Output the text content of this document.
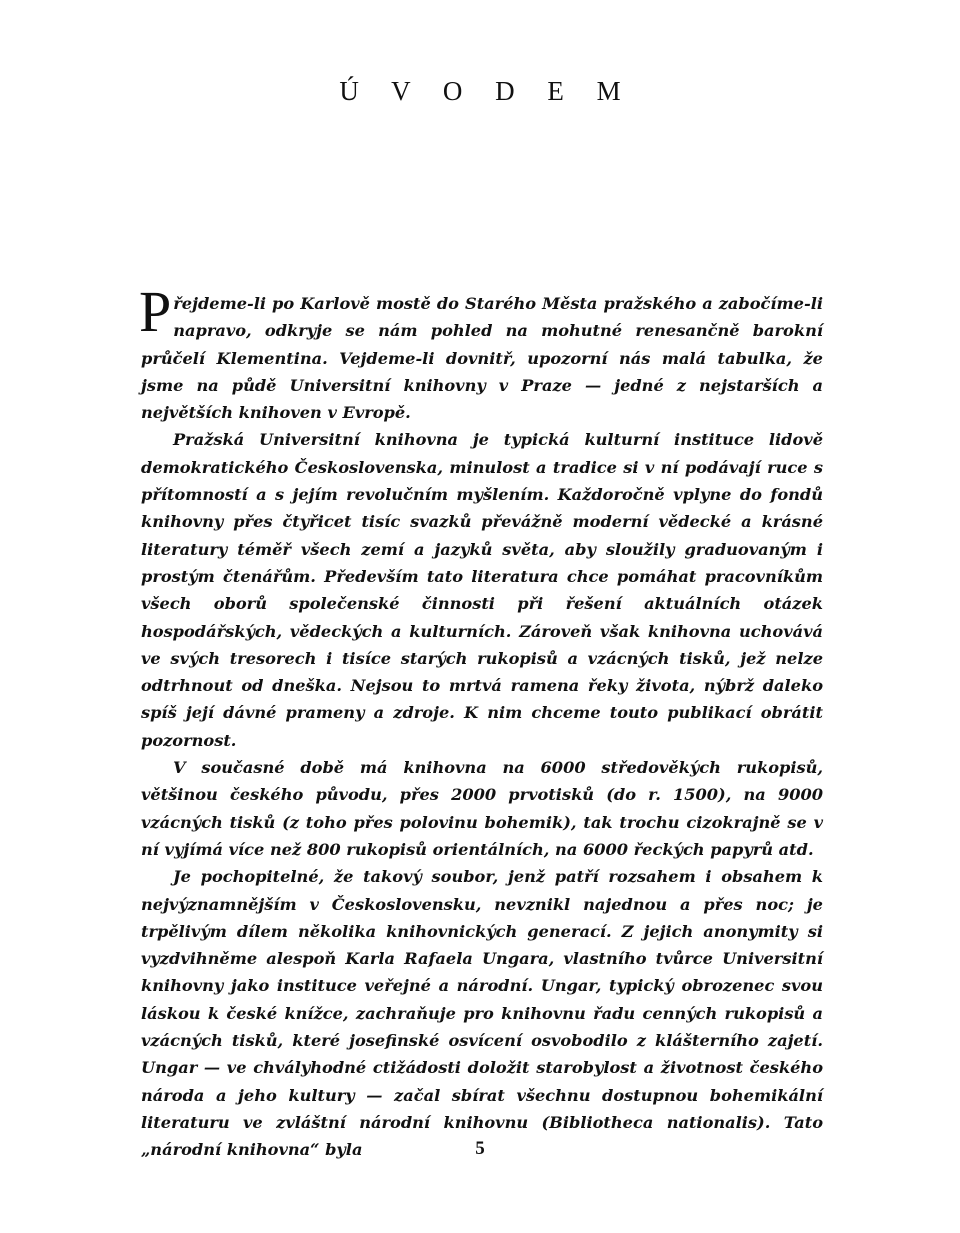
Ú V O D E M

Přejdeme-li po Karlově mostě do Starého Města pražského a zabočíme-li napravo, odkryje se nám pohled na mohutné renesančně barokní průčelí Klementina. Vejdeme-li dovnitř, upozorní nás malá tabulka, že jsme na půdě Universitní knihovny v Praze — jedné z nejstarších a největších knihoven v Evropě.

Pražská Universitní knihovna je typická kulturní instituce lidově demokratického Československa, minulost a tradice si v ní podávají ruce s přítomností a s jejím revolučním myšlením. Každoročně vplyne do fondů knihovny přes čtyřicet tisíc svazků převážně moderní vědecké a krásné literatury téměř všech zemí a jazyků světa, aby sloužily graduovaným i prostým čtenářům. Především tato literatura chce pomáhat pracovníkům všech oborů společenské činnosti při řešení aktuálních otázek hospodářských, vědeckých a kulturních. Zároveň však knihovna uchovává ve svých tresorech i tisíce starých rukopisů a vzácných tisků, jež nelze odtrhnout od dneška. Nejsou to mrtvá ramena řeky života, nýbrž daleko spíš její dávné prameny a zdroje. K nim chceme touto publikací obrátit pozornost.

V současné době má knihovna na 6000 středověkých rukopisů, většinou českého původu, přes 2000 prvotisků (do r. 1500), na 9000 vzácných tisků (z toho přes polovinu bohemik), tak trochu cizokrajně se v ní vyjímá více než 800 rukopisů orientálních, na 6000 řeckých papyrů atd.

Je pochopitelné, že takový soubor, jenž patří rozsahem i obsahem k nejvýznamnějším v Československu, nevznikl najednou a přes noc; je trpělivým dílem několika knihovnických generací. Z jejich anonymity si vyzdvihněme alespoň Karla Rafaela Ungara, vlastního tvůrce Universitní knihovny jako instituce veřejné a národní. Ungar, typický obrozenec svou láskou k české knížce, zachraňuje pro knihovnu řadu cenných rukopisů a vzácných tisků, které josefinské osvícení osvobodilo z klášterního zajetí. Ungar — ve chvályhodné ctižádosti doložit starobylost a životnost českého národa a jeho kultury — začal sbírat všechnu dostupnou bohemikální literaturu ve zvláštní národní knihovnu (Bibliotheca nationalis). Tato „národní knihovna“ byla	5
